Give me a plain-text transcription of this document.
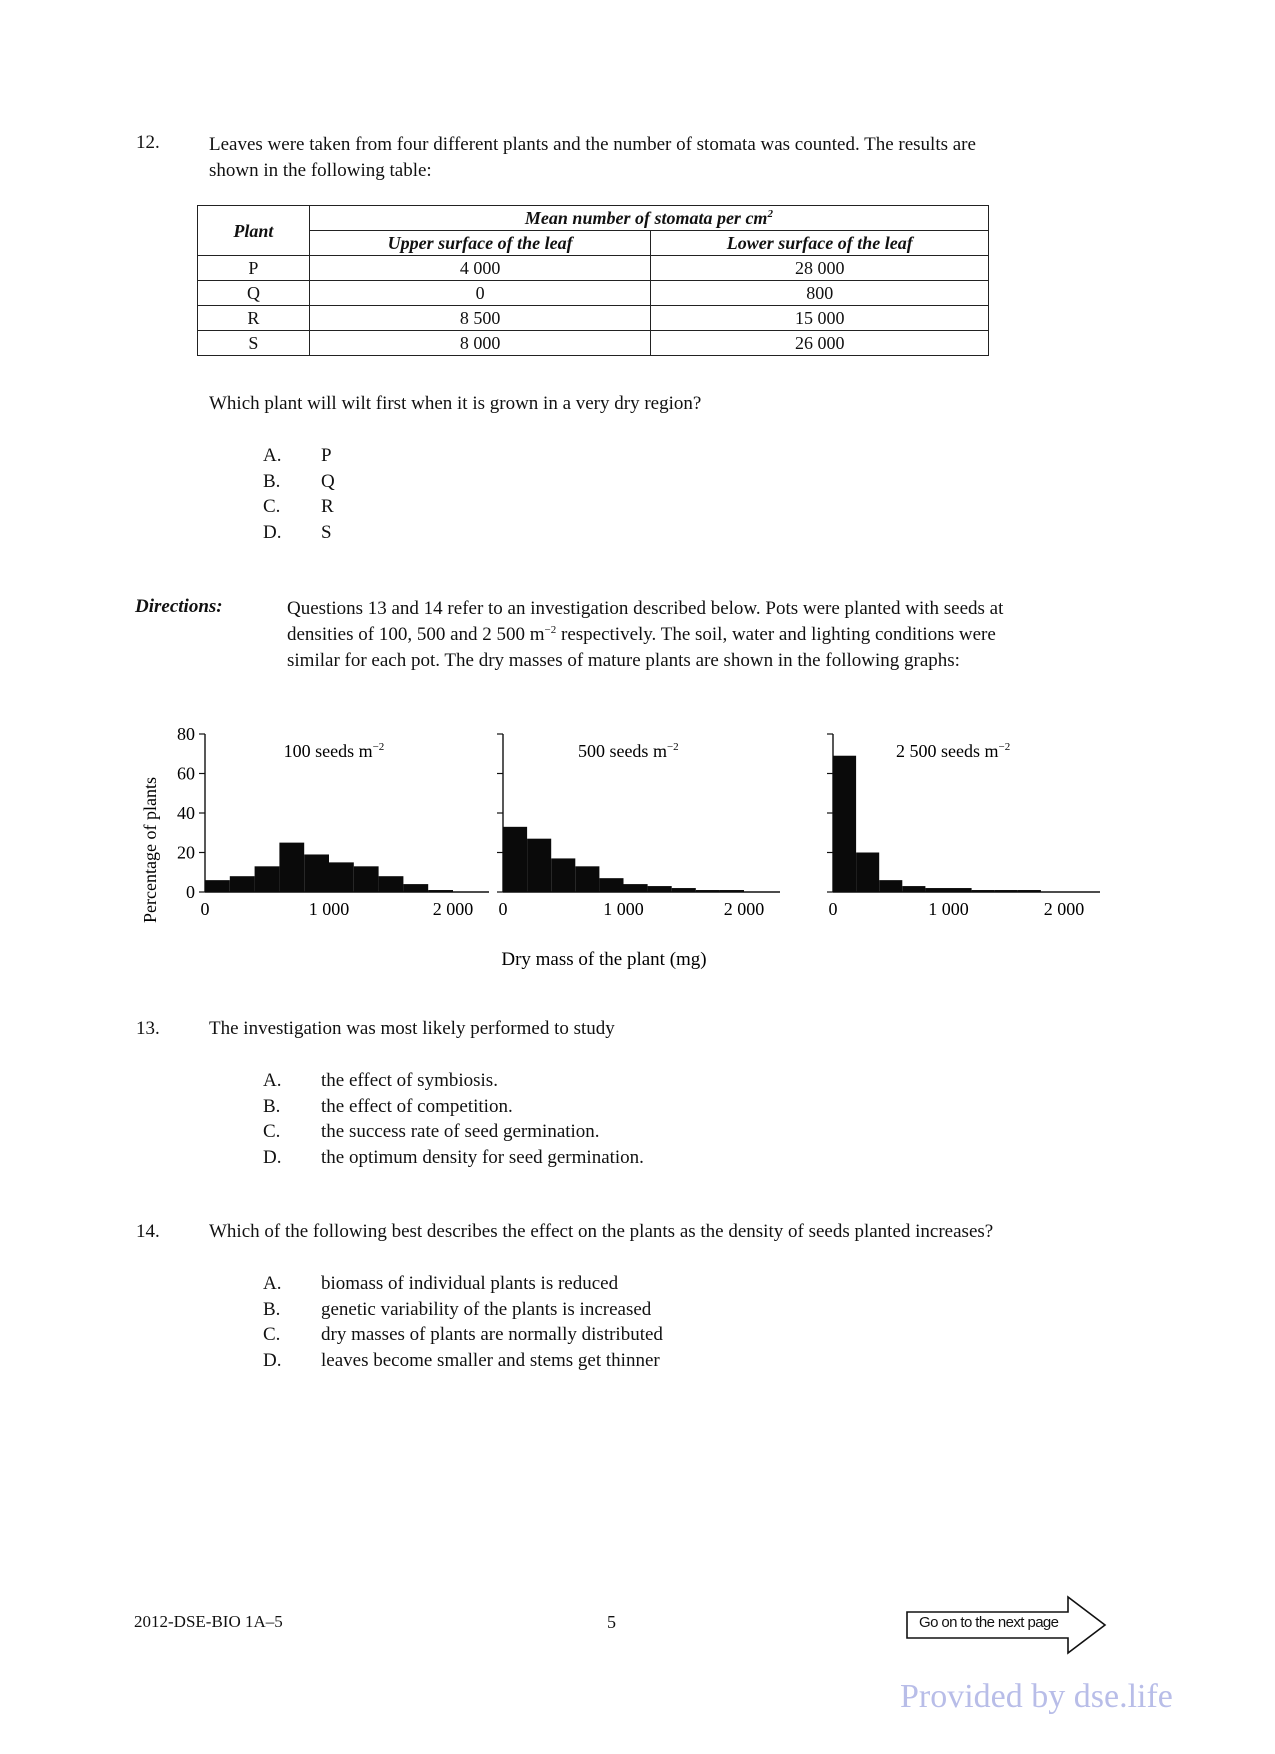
12.	Leaves were taken from four different plants and the number of stomata was counted. The results are
shown in the following table:
Plant	Mean number of stomata per $cm^2$
	Upper surface of the leaf	Lower surface of the leaf
P	4 000	28 000
Q	0	800
R	8 500	15 000
S	8 000	26 000
Which plant will wilt first when it is grown in a very dry region?
A.	P
B.	Q
C.	R
D.	S
Directions:	Questions 13 and 14 refer to an investigation described below. Pots were planted with seeds at
densities of 100, 500 and 2 500 $m^{-2}$ respectively. The soil, water and lighting conditions were
similar for each pot. The dry masses of mature plants are shown in the following graphs:
Percentage of plants 0
20
40
60
80
0	1 000	2 000
100 seeds $m^{-2}$
0	1 000	2 000
500 seeds $m^{-2}$
0	1 000	2 000
2 500 seeds $m^{-2}$
Dry mass of the plant (mg)
13.	The investigation was most likely performed to study
A.	the effect of symbiosis.
B.	the effect of competition.
C.	the success rate of seed germination.
D.	the optimum density for seed germination.
14.	Which of the following best describes the effect on the plants as the density of seeds planted increases?
A.	biomass of individual plants is reduced
B.	genetic variability of the plants is increased
C.	dry masses of plants are normally distributed
D.	leaves become smaller and stems get thinner
2012-DSE-BIO 1A–5	5	Go on to the next page
Provided by dse.life
